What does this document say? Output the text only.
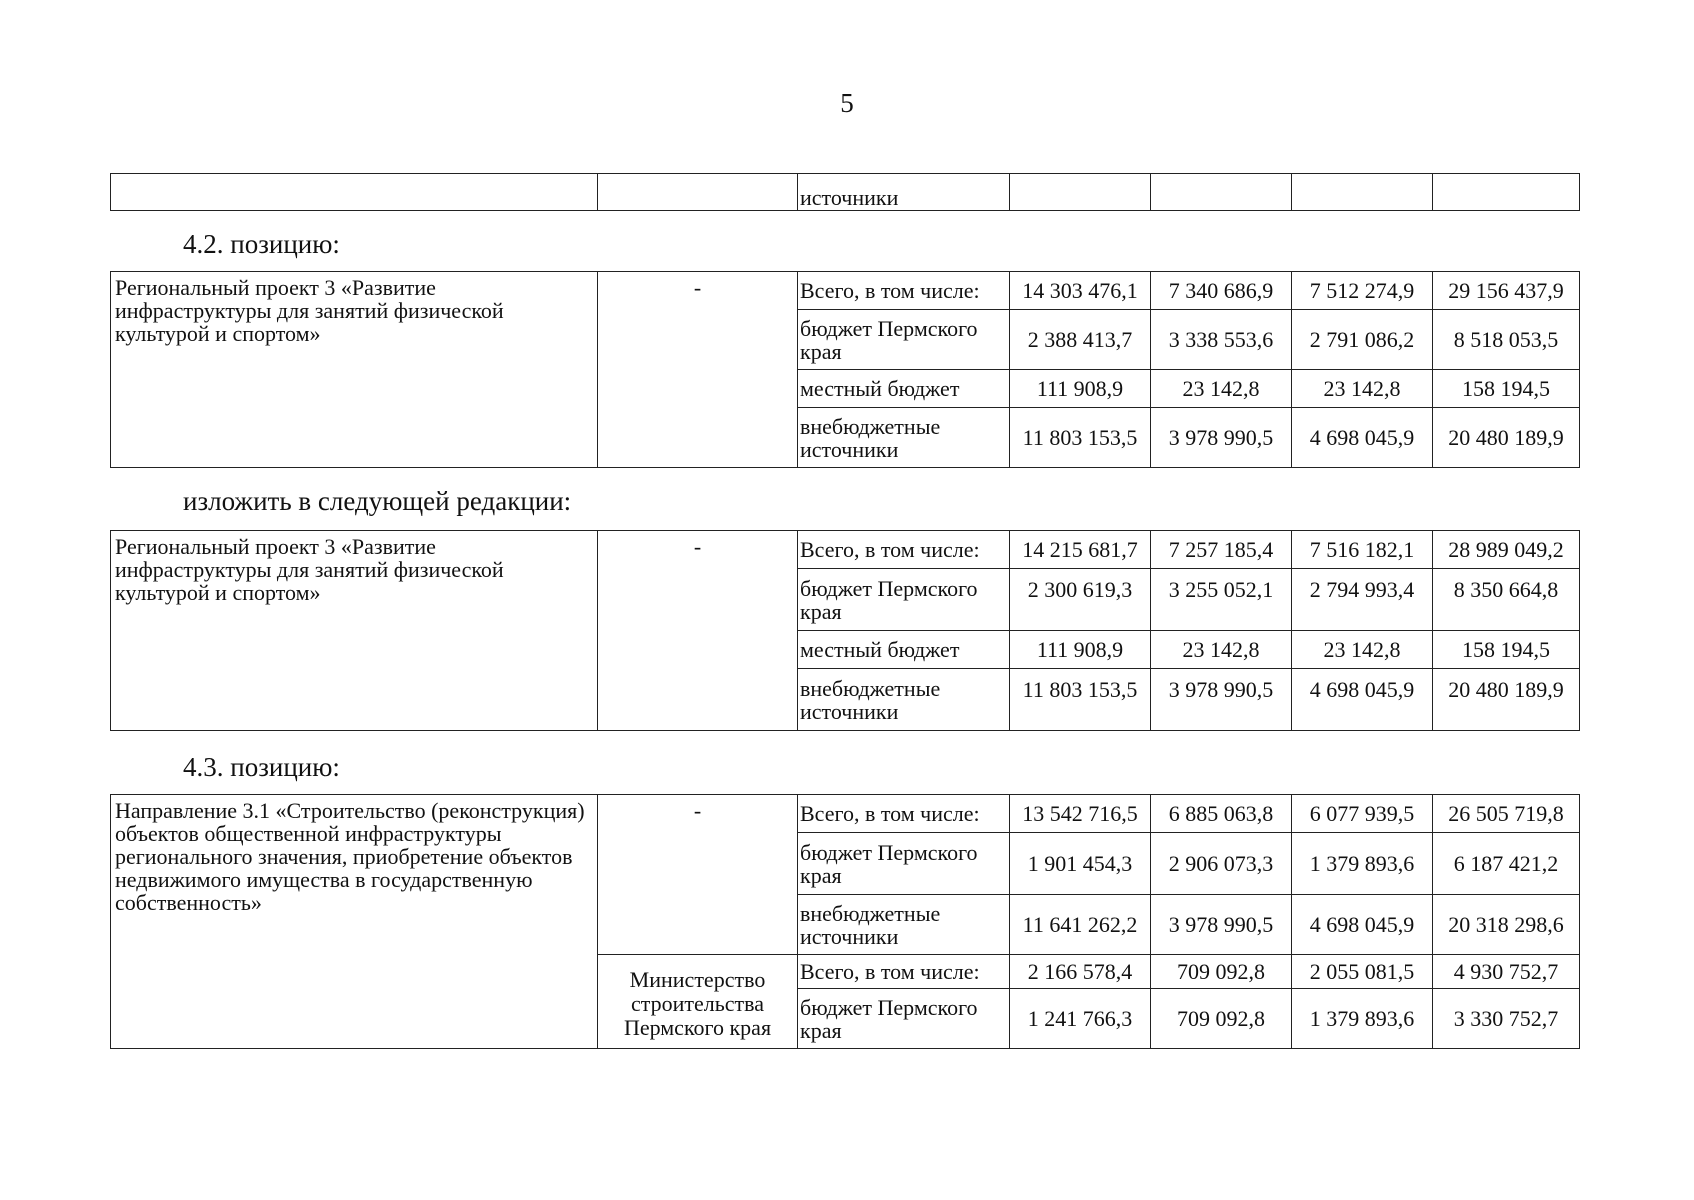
5
		источники				
4.2. позицию:
Региональный проект 3 «Развитие инфраструктуры для занятий физической культурой и спортом»	-	Всего, в том числе:	14 303 476,1	7 340 686,9	7 512 274,9	29 156 437,9
		бюджет Пермского края	2 388 413,7	3 338 553,6	2 791 086,2	8 518 053,5
		местный бюджет	111 908,9	23 142,8	23 142,8	158 194,5
		внебюджетные источники	11 803 153,5	3 978 990,5	4 698 045,9	20 480 189,9
изложить в следующей редакции:
Региональный проект 3 «Развитие инфраструктуры для занятий физической культурой и спортом»	-	Всего, в том числе:	14 215 681,7	7 257 185,4	7 516 182,1	28 989 049,2
		бюджет Пермского края	2 300 619,3	3 255 052,1	2 794 993,4	8 350 664,8
		местный бюджет	111 908,9	23 142,8	23 142,8	158 194,5
		внебюджетные источники	11 803 153,5	3 978 990,5	4 698 045,9	20 480 189,9
4.3. позицию:
Направление 3.1 «Строительство (реконструкция) объектов общественной инфраструктуры регионального значения, приобретение объектов недвижимого имущества в государственную собственность»	-	Всего, в том числе:	13 542 716,5	6 885 063,8	6 077 939,5	26 505 719,8
		бюджет Пермского края	1 901 454,3	2 906 073,3	1 379 893,6	6 187 421,2
		внебюджетные источники	11 641 262,2	3 978 990,5	4 698 045,9	20 318 298,6
	Министерство строительства Пермского края	Всего, в том числе:	2 166 578,4	709 092,8	2 055 081,5	4 930 752,7
		бюджет Пермского края	1 241 766,3	709 092,8	1 379 893,6	3 330 752,7
